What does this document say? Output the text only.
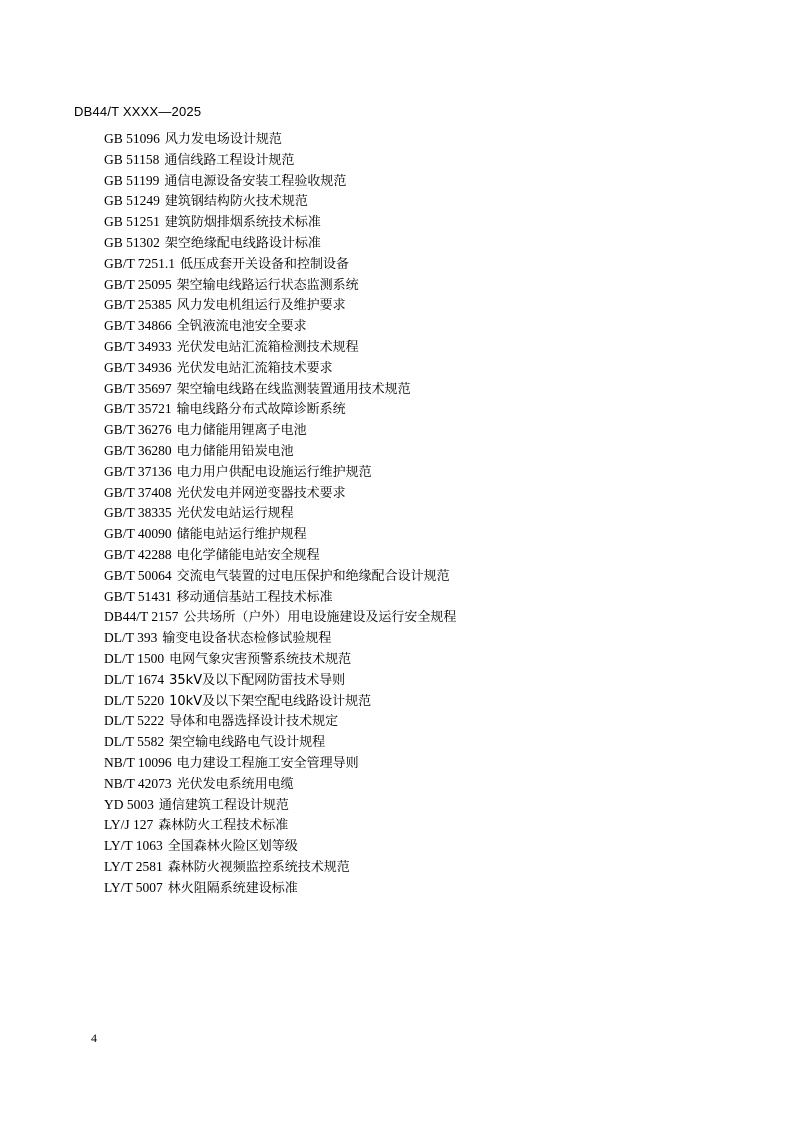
DB44/T XXXX—2025
GB 51096 风力发电场设计规范
GB 51158 通信线路工程设计规范
GB 51199 通信电源设备安装工程验收规范
GB 51249 建筑钢结构防火技术规范
GB 51251 建筑防烟排烟系统技术标准
GB 51302 架空绝缘配电线路设计标准
GB/T 7251.1 低压成套开关设备和控制设备
GB/T 25095 架空输电线路运行状态监测系统
GB/T 25385 风力发电机组运行及维护要求
GB/T 34866 全钒液流电池安全要求
GB/T 34933 光伏发电站汇流箱检测技术规程
GB/T 34936 光伏发电站汇流箱技术要求
GB/T 35697 架空输电线路在线监测装置通用技术规范
GB/T 35721 输电线路分布式故障诊断系统
GB/T 36276 电力储能用锂离子电池
GB/T 36280 电力储能用铅炭电池
GB/T 37136 电力用户供配电设施运行维护规范
GB/T 37408 光伏发电并网逆变器技术要求
GB/T 38335 光伏发电站运行规程
GB/T 40090 储能电站运行维护规程
GB/T 42288 电化学储能电站安全规程
GB/T 50064 交流电气装置的过电压保护和绝缘配合设计规范
GB/T 51431 移动通信基站工程技术标准
DB44/T 2157 公共场所（户外）用电设施建设及运行安全规程
DL/T 393 输变电设备状态检修试验规程
DL/T 1500 电网气象灾害预警系统技术规范
DL/T 1674 35kV及以下配网防雷技术导则
DL/T 5220 10kV及以下架空配电线路设计规范
DL/T 5222 导体和电器选择设计技术规定
DL/T 5582 架空输电线路电气设计规程
NB/T 10096 电力建设工程施工安全管理导则
NB/T 42073 光伏发电系统用电缆
YD 5003 通信建筑工程设计规范
LY/J 127 森林防火工程技术标准
LY/T 1063 全国森林火险区划等级
LY/T 2581 森林防火视频监控系统技术规范
LY/T 5007 林火阻隔系统建设标准
4
